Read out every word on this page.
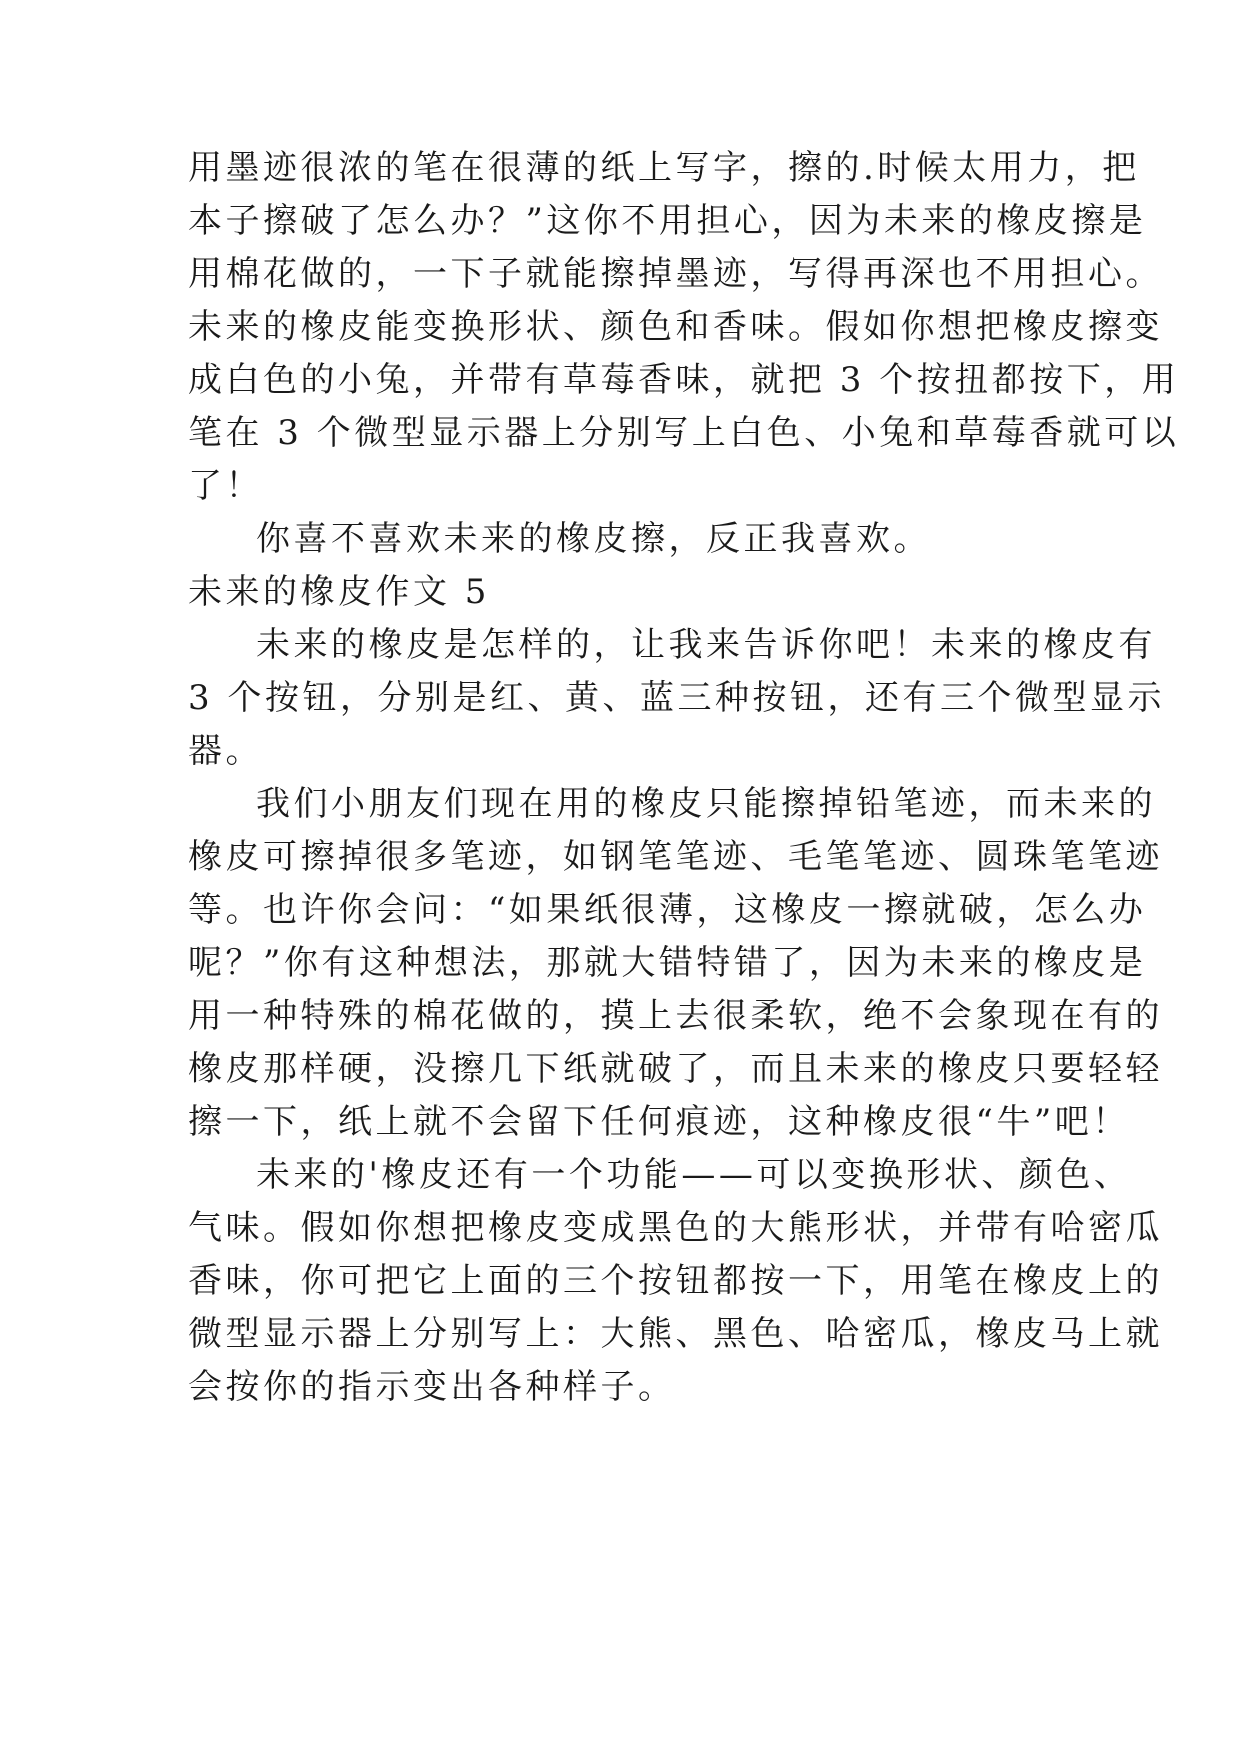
用墨迹很浓的笔在很薄的纸上写字，擦的.时候太用力，把
本子擦破了怎么办？”这你不用担心，因为未来的橡皮擦是
用棉花做的，一下子就能擦掉墨迹，写得再深也不用担心。
未来的橡皮能变换形状、颜色和香味。假如你想把橡皮擦变
成白色的小兔，并带有草莓香味，就把 3 个按扭都按下，用
笔在 3 个微型显示器上分别写上白色、小兔和草莓香就可以
了！
你喜不喜欢未来的橡皮擦，反正我喜欢。
未来的橡皮作文 5
未来的橡皮是怎样的，让我来告诉你吧！未来的橡皮有
3 个按钮，分别是红、黄、蓝三种按钮，还有三个微型显示
器。
我们小朋友们现在用的橡皮只能擦掉铅笔迹，而未来的
橡皮可擦掉很多笔迹，如钢笔笔迹、毛笔笔迹、圆珠笔笔迹
等。也许你会问：“如果纸很薄，这橡皮一擦就破，怎么办
呢？”你有这种想法，那就大错特错了，因为未来的橡皮是
用一种特殊的棉花做的，摸上去很柔软，绝不会象现在有的
橡皮那样硬，没擦几下纸就破了，而且未来的橡皮只要轻轻
擦一下，纸上就不会留下任何痕迹，这种橡皮很“牛”吧！
未来的'橡皮还有一个功能——可以变换形状、颜色、
气味。假如你想把橡皮变成黑色的大熊形状，并带有哈密瓜
香味，你可把它上面的三个按钮都按一下，用笔在橡皮上的
微型显示器上分别写上：大熊、黑色、哈密瓜，橡皮马上就
会按你的指示变出各种样子。
